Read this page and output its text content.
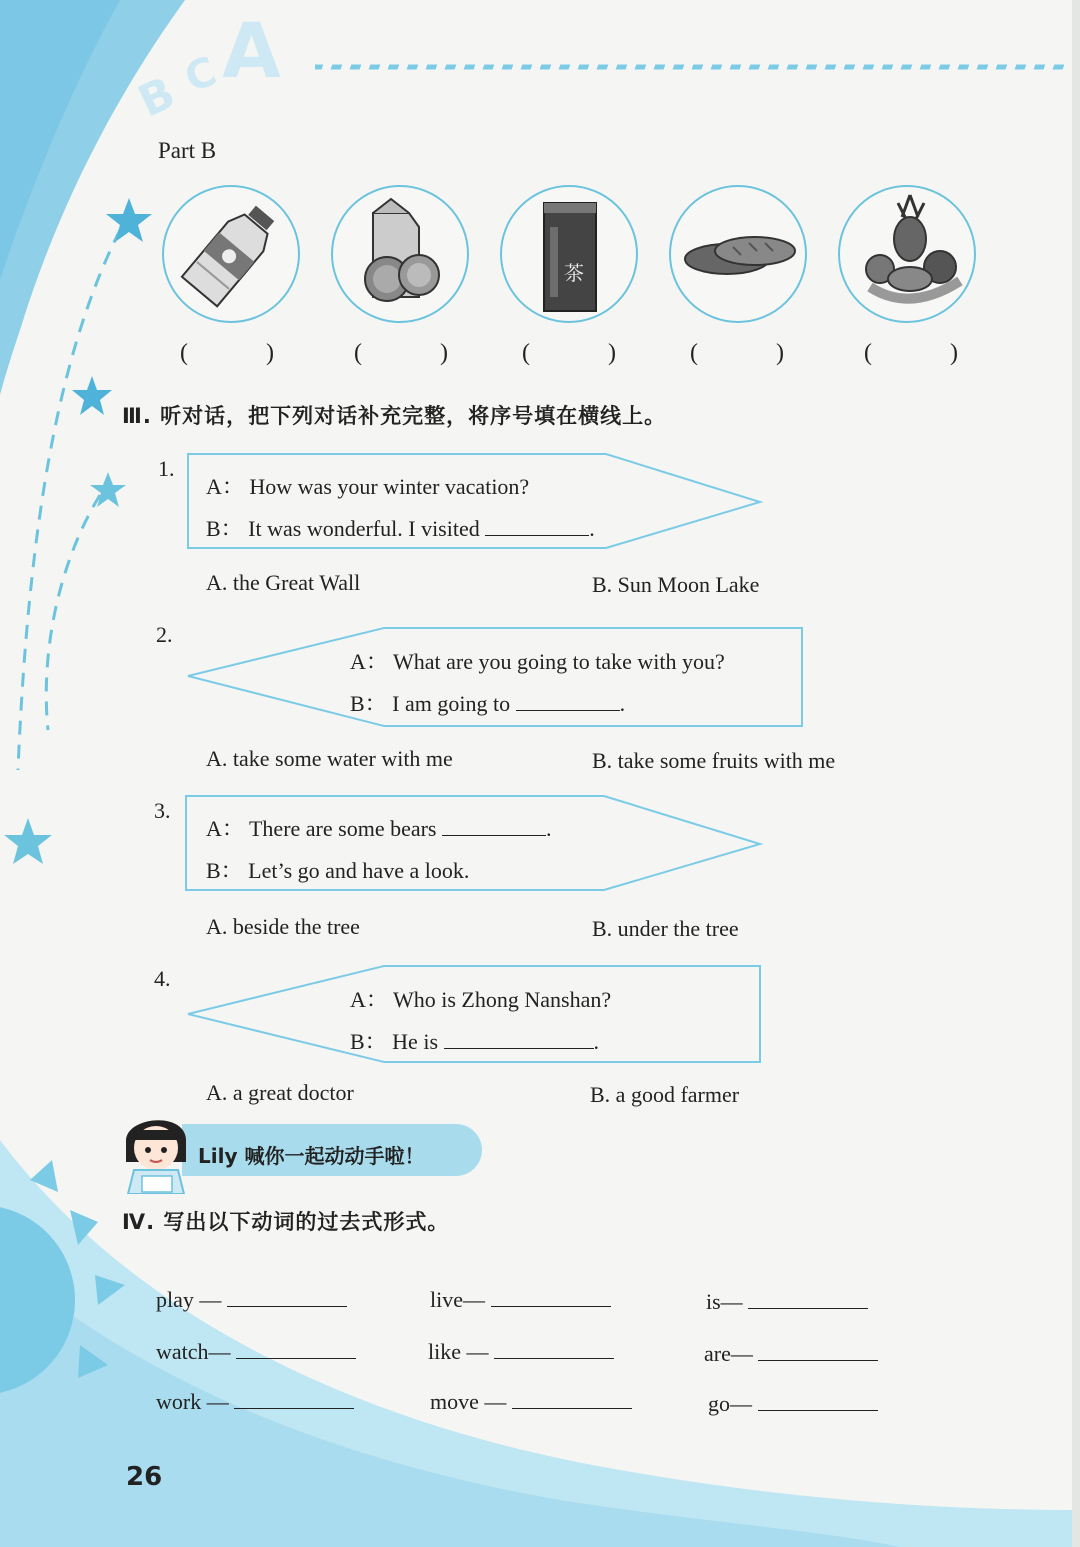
B
C A
Part B
茶
(	)	(	)	(	)	(	)	(	)
Ⅲ. 听对话，把下列对话补充完整，将序号填在横线上。
1.
A： How was your winter vacation?
B： It was wonderful. I visited	.
A. the Great Wall	B. Sun Moon Lake
2.
A： What are you going to take with you?
B： I am going to	.
A. take some water with me	B. take some fruits with me
3.
A： There are some bears	.
B： Let’s go and have a look.
A. beside the tree	B. under the tree
4.
A： Who is Zhong Nanshan?
B： He is	.
A. a great doctor	B. a good farmer
Lily 喊你一起动动手啦！
Ⅳ. 写出以下动词的过去式形式。
play —	live—	is—
watch—	like —	are—
work —	move —	go—
26
